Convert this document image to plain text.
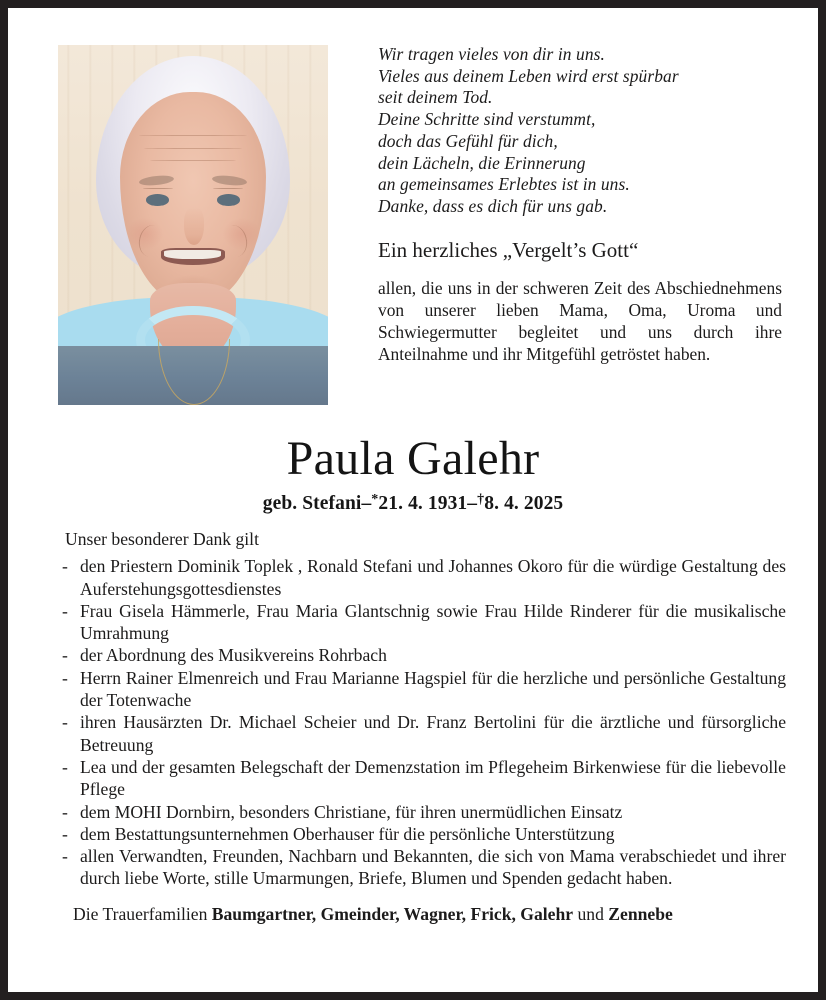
Wir tragen vieles von dir in uns.
Vieles aus deinem Leben wird erst spürbar
seit deinem Tod.
Deine Schritte sind verstummt,
doch das Gefühl für dich,
dein Lächeln, die Erinnerung
an gemeinsames Erlebtes ist in uns.
Danke, dass es dich für uns gab.
Ein herzliches „Vergelt’s Gott“
allen, die uns in der schweren Zeit des Abschiednehmens von unserer lieben Mama, Oma, Uroma und Schwiegermutter begleitet und uns durch ihre Anteilnahme und ihr Mitgefühl getröstet haben.
Paula Galehr
geb. Stefani–*21. 4. 1931–†8. 4. 2025
Unser besonderer Dank gilt
- den Priestern Dominik Toplek , Ronald Stefani und Johannes Okoro für die würdige Gestaltung des Auferstehungsgottesdienstes
- Frau Gisela Hämmerle, Frau Maria Glantschnig sowie Frau Hilde Rinderer für die musikalische Umrahmung
- der Abordnung des Musikvereins Rohrbach
- Herrn Rainer Elmenreich und Frau Marianne Hagspiel für die herzliche und persönliche Gestaltung der Totenwache
- ihren Hausärzten Dr. Michael Scheier und Dr. Franz Bertolini für die ärztliche und fürsorgliche Betreuung
- Lea und der gesamten Belegschaft der Demenzstation im Pflegeheim Birkenwiese für die liebevolle Pflege
- dem MOHI Dornbirn, besonders Christiane, für ihren unermüdlichen Einsatz
- dem Bestattungsunternehmen Oberhauser für die persönliche Unterstützung
- allen Verwandten, Freunden, Nachbarn und Bekannten, die sich von Mama verabschiedet und ihrer durch liebe Worte, stille Umarmungen, Briefe, Blumen und Spenden gedacht haben.
Die Trauerfamilien Baumgartner, Gmeinder, Wagner, Frick, Galehr und Zennebe
